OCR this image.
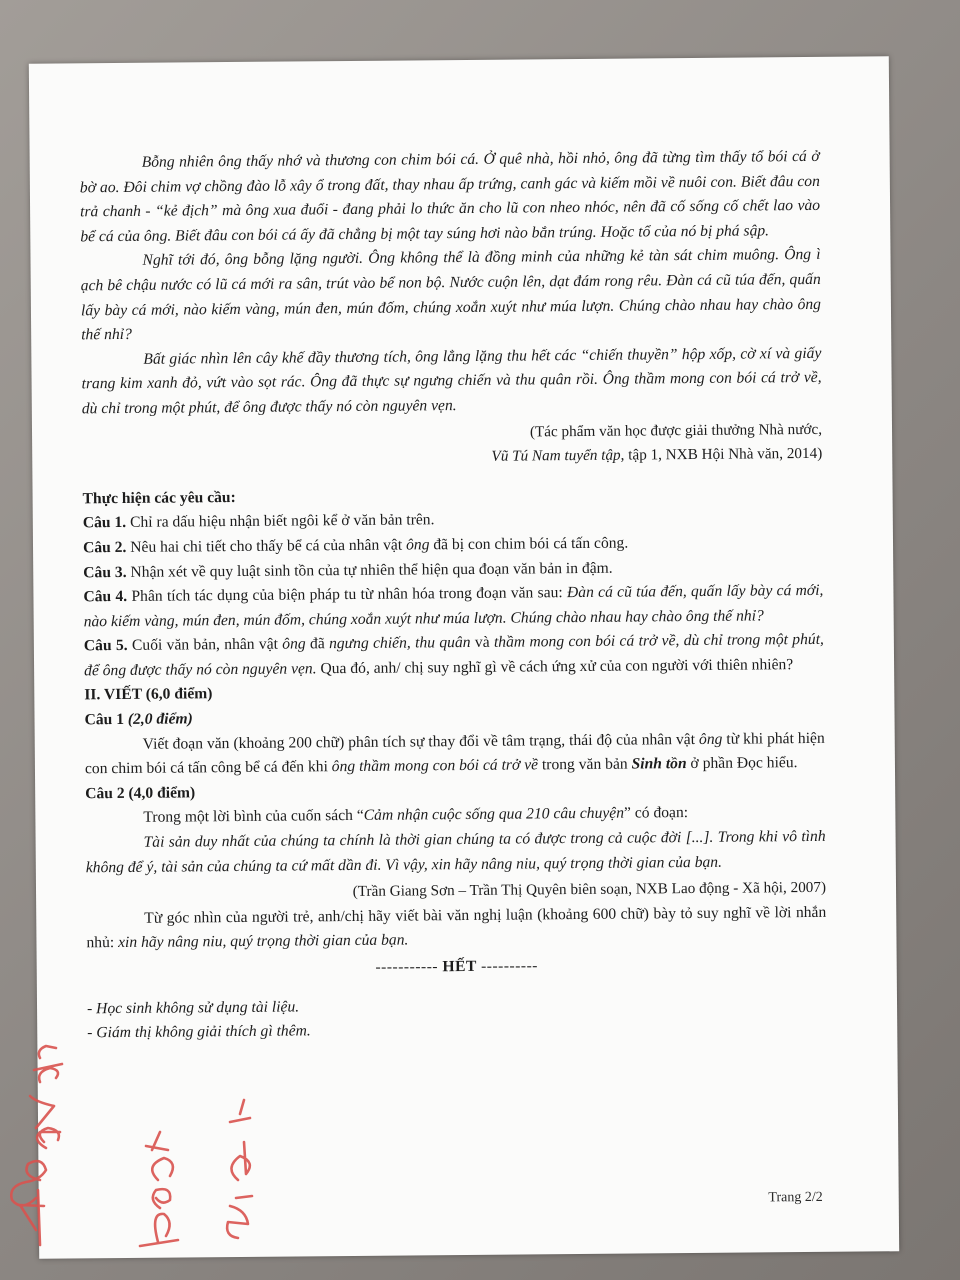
Bỗng nhiên ông thấy nhớ và thương con chim bói cá. Ở quê nhà, hồi nhỏ, ông đã từng tìm thấy tổ bói cá ở bờ ao. Đôi chim vợ chồng đào lỗ xây ổ trong đất, thay nhau ấp trứng, canh gác và kiếm mồi về nuôi con. Biết đâu con trả chanh - “kẻ địch” mà ông xua đuổi - đang phải lo thức ăn cho lũ con nheo nhóc, nên đã cố sống cố chết lao vào bể cá của ông. Biết đâu con bói cá ấy đã chẳng bị một tay súng hơi nào bắn trúng. Hoặc tổ của nó bị phá sập.

Nghĩ tới đó, ông bỗng lặng người. Ông không thể là đồng minh của những kẻ tàn sát chim muông. Ông ì ạch bê chậu nước có lũ cá mới ra sân, trút vào bể non bộ. Nước cuộn lên, dạt đám rong rêu. Đàn cá cũ túa đến, quấn lấy bày cá mới, nào kiếm vàng, mún đen, mún đốm, chúng xoắn xuýt như múa lượn. Chúng chào nhau hay chào ông thế nhỉ?

Bất giác nhìn lên cây khế đầy thương tích, ông lẳng lặng thu hết các “chiến thuyền” hộp xốp, cờ xí và giấy trang kim xanh đỏ, vứt vào sọt rác. Ông đã thực sự ngưng chiến và thu quân rồi. Ông thầm mong con bói cá trở về, dù chỉ trong một phút, để ông được thấy nó còn nguyên vẹn.

(Tác phẩm văn học được giải thưởng Nhà nước,
Vũ Tú Nam tuyển tập, tập 1, NXB Hội Nhà văn, 2014)
Thực hiện các yêu cầu:

Câu 1. Chỉ ra dấu hiệu nhận biết ngôi kể ở văn bản trên.

Câu 2. Nêu hai chi tiết cho thấy bể cá của nhân vật ông đã bị con chim bói cá tấn công.

Câu 3. Nhận xét về quy luật sinh tồn của tự nhiên thể hiện qua đoạn văn bản in đậm.

Câu 4. Phân tích tác dụng của biện pháp tu từ nhân hóa trong đoạn văn sau: Đàn cá cũ túa đến, quấn lấy bày cá mới, nào kiếm vàng, mún đen, mún đốm, chúng xoắn xuýt như múa lượn. Chúng chào nhau hay chào ông thế nhỉ?

Câu 5. Cuối văn bản, nhân vật ông đã ngưng chiến, thu quân và thầm mong con bói cá trở về, dù chỉ trong một phút, để ông được thấy nó còn nguyên vẹn. Qua đó, anh/ chị suy nghĩ gì về cách ứng xử của con người với thiên nhiên?

II. VIẾT (6,0 điểm)
Câu 1 (2,0 điểm)

Viết đoạn văn (khoảng 200 chữ) phân tích sự thay đổi về tâm trạng, thái độ của nhân vật ông từ khi phát hiện con chim bói cá tấn công bể cá đến khi ông thầm mong con bói cá trở về trong văn bản Sinh tồn ở phần Đọc hiểu.

Câu 2 (4,0 điểm)

Trong một lời bình của cuốn sách “Cảm nhận cuộc sống qua 210 câu chuyện” có đoạn:

Tài sản duy nhất của chúng ta chính là thời gian chúng ta có được trong cả cuộc đời [...]. Trong khi vô tình không để ý, tài sản của chúng ta cứ mất dần đi. Vì vậy, xin hãy nâng niu, quý trọng thời gian của bạn.

(Trần Giang Sơn – Trần Thị Quyên biên soạn, NXB Lao động - Xã hội, 2007)

Từ góc nhìn của người trẻ, anh/chị hãy viết bài văn nghị luận (khoảng 600 chữ) bày tỏ suy nghĩ về lời nhắn nhủ: xin hãy nâng niu, quý trọng thời gian của bạn.

----------- HẾT ----------

- Học sinh không sử dụng tài liệu.

- Giám thị không giải thích gì thêm.

Trang 2/2
